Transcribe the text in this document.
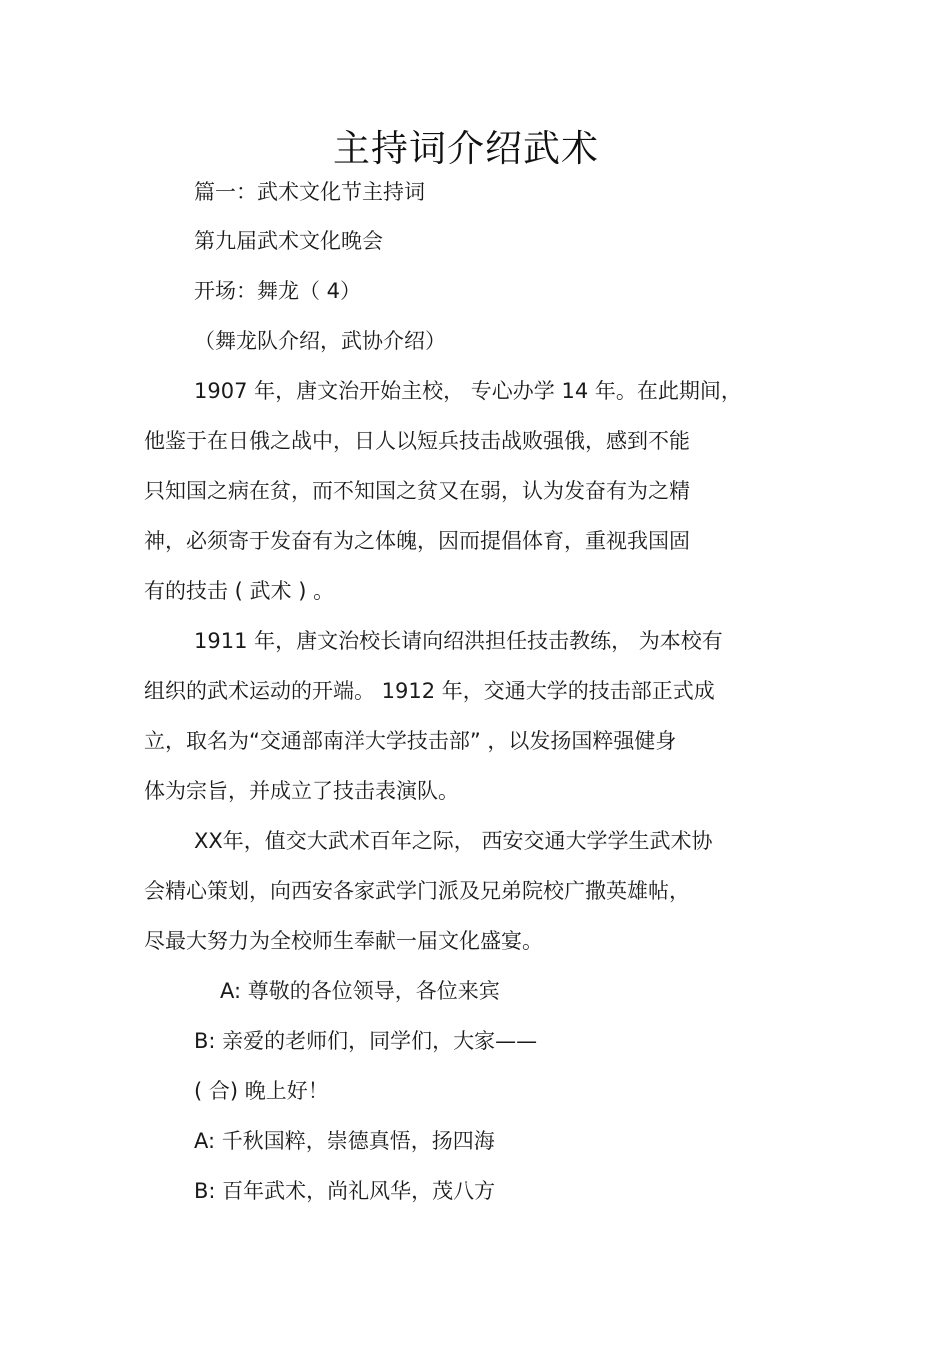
主持词介绍武术
篇一：武术文化节主持词
第九届武术文化晚会
开场：舞龙（ 4）
（舞龙队介绍，武协介绍）
1907 年，唐文治开始主校， 专心办学 14 年。在此期间，
他鉴于在日俄之战中，日人以短兵技击战败强俄，感到不能
只知国之病在贫，而不知国之贫又在弱，认为发奋有为之精
神，必须寄于发奋有为之体魄，因而提倡体育，重视我国固
有的技击 ( 武术 ) 。
1911 年，唐文治校长请向绍洪担任技击教练， 为本校有
组织的武术运动的开端。 1912 年，交通大学的技击部正式成
立，取名为“交通部南洋大学技击部” ，以发扬国粹强健身
体为宗旨，并成立了技击表演队。
XX年，值交大武术百年之际， 西安交通大学学生武术协
会精心策划，向西安各家武学门派及兄弟院校广撒英雄帖，
尽最大努力为全校师生奉献一届文化盛宴。
A: 尊敬的各位领导，各位来宾
B: 亲爱的老师们，同学们，大家——
( 合) 晚上好！
A: 千秋国粹，崇德真悟，扬四海
B: 百年武术，尚礼风华，茂八方
